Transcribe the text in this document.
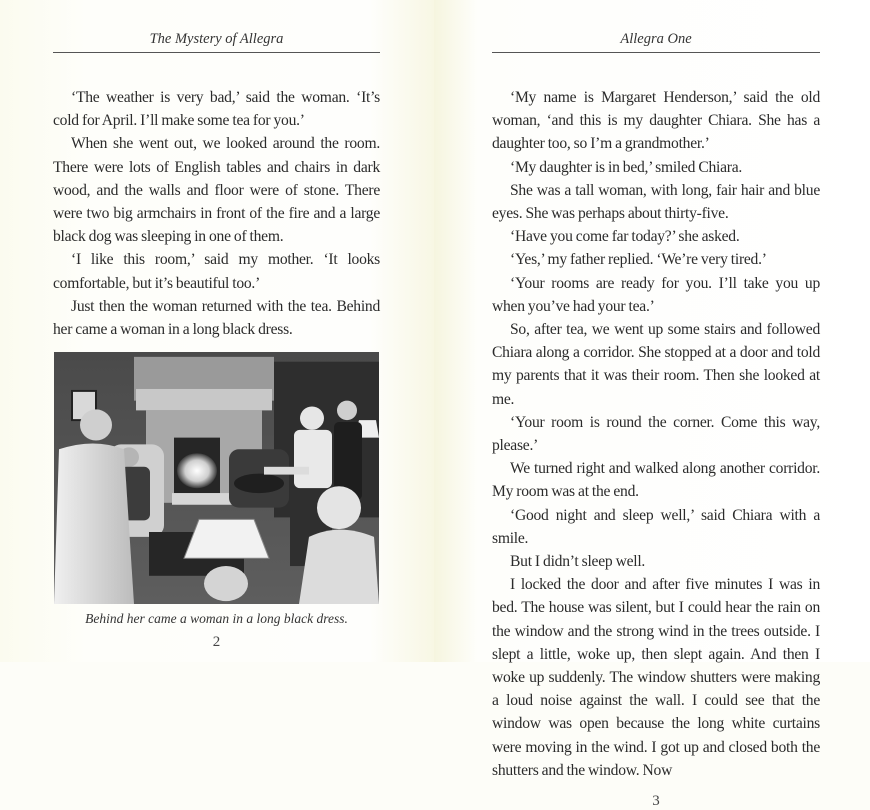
The Mystery of Allegra

‘The weather is very bad,’ said the woman. ‘It’s cold for April. I’ll make some tea for you.’

When she went out, we looked around the room. There were lots of English tables and chairs in dark wood, and the walls and floor were of stone. There were two big armchairs in front of the fire and a large black dog was sleeping in one of them.

‘I like this room,’ said my mother. ‘It looks comfortable, but it’s beautiful too.’

Just then the woman returned with the tea. Behind her came a woman in a long black dress.

Behind her came a woman in a long black dress.
2
Allegra One

‘My name is Margaret Henderson,’ said the old woman, ‘and this is my daughter Chiara. She has a daughter too, so I’m a grandmother.’

‘My daughter is in bed,’ smiled Chiara.

She was a tall woman, with long, fair hair and blue eyes. She was perhaps about thirty-five.

‘Have you come far today?’ she asked.

‘Yes,’ my father replied. ‘We’re very tired.’

‘Your rooms are ready for you. I’ll take you up when you’ve had your tea.’

So, after tea, we went up some stairs and followed Chiara along a corridor. She stopped at a door and told my parents that it was their room. Then she looked at me.

‘Your room is round the corner. Come this way, please.’

We turned right and walked along another corridor. My room was at the end.

‘Good night and sleep well,’ said Chiara with a smile.

But I didn’t sleep well.

I locked the door and after five minutes I was in bed. The house was silent, but I could hear the rain on the window and the strong wind in the trees outside. I slept a little, woke up, then slept again. And then I woke up suddenly. The window shutters were making a loud noise against the wall. I could see that the window was open because the long white curtains were moving in the wind. I got up and closed both the shutters and the window. Now

3
